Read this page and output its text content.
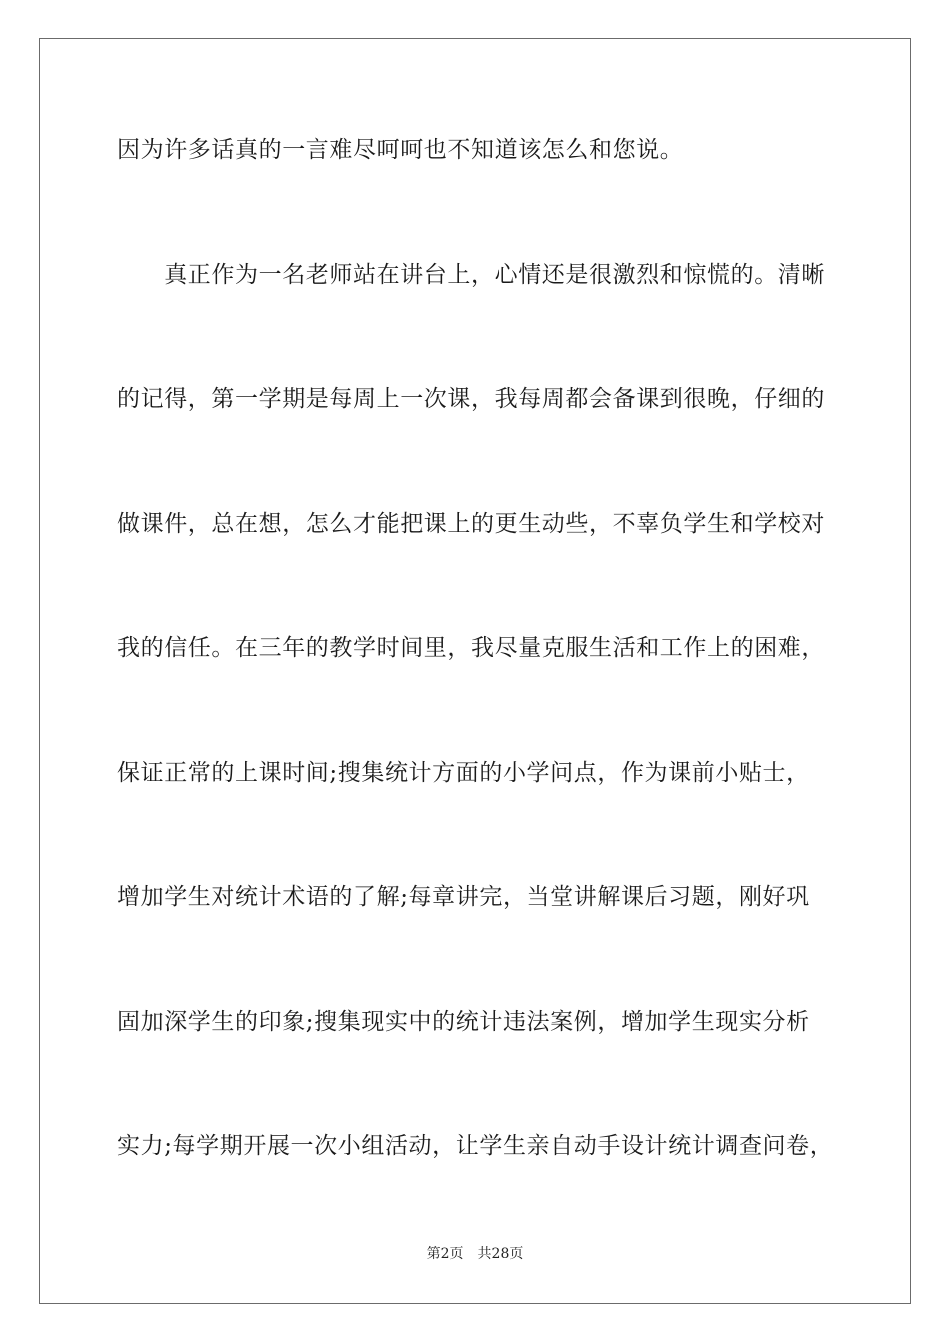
因为许多话真的一言难尽呵呵也不知道该怎么和您说。
　　真正作为一名老师站在讲台上，心情还是很激烈和惊慌的。清晰
的记得，第一学期是每周上一次课，我每周都会备课到很晚，仔细的
做课件，总在想，怎么才能把课上的更生动些，不辜负学生和学校对
我的信任。在三年的教学时间里，我尽量克服生活和工作上的困难，
保证正常的上课时间;搜集统计方面的小学问点，作为课前小贴士，
增加学生对统计术语的了解;每章讲完，当堂讲解课后习题，刚好巩
固加深学生的印象;搜集现实中的统计违法案例，增加学生现实分析
实力;每学期开展一次小组活动，让学生亲自动手设计统计调查问卷，
第2页 共28页
